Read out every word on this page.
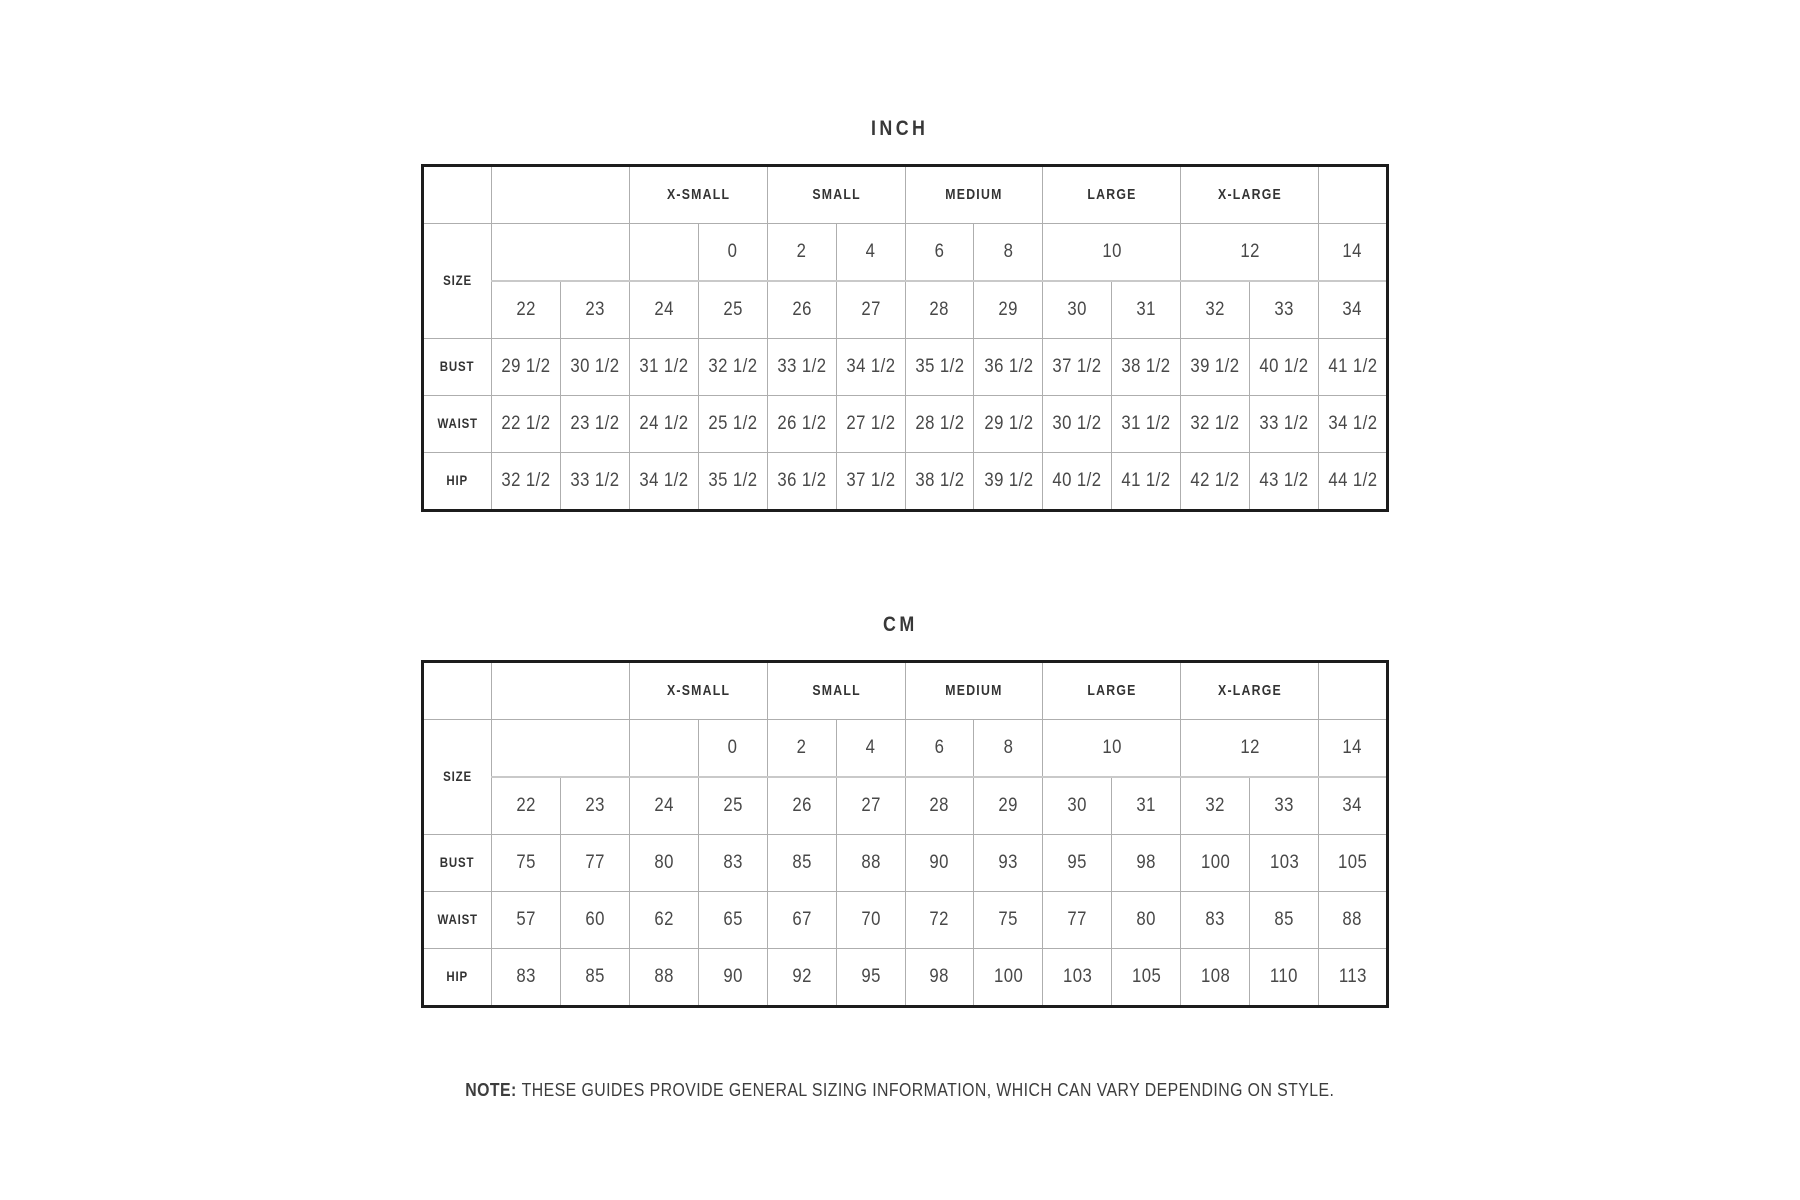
INCH
			X-SMALL		SMALL		MEDIUM		LARGE		X-LARGE		
SIZE				0	2	4	6	8	10		12		14
	22	23	24	25	26	27	28	29	30	31	32	33	34
BUST	29 1/2	30 1/2	31 1/2	32 1/2	33 1/2	34 1/2	35 1/2	36 1/2	37 1/2	38 1/2	39 1/2	40 1/2	41 1/2
WAIST	22 1/2	23 1/2	24 1/2	25 1/2	26 1/2	27 1/2	28 1/2	29 1/2	30 1/2	31 1/2	32 1/2	33 1/2	34 1/2
HIP	32 1/2	33 1/2	34 1/2	35 1/2	36 1/2	37 1/2	38 1/2	39 1/2	40 1/2	41 1/2	42 1/2	43 1/2	44 1/2
CM
			X-SMALL		SMALL		MEDIUM		LARGE		X-LARGE		
SIZE				0	2	4	6	8	10		12		14
	22	23	24	25	26	27	28	29	30	31	32	33	34
BUST	75	77	80	83	85	88	90	93	95	98	100	103	105
WAIST	57	60	62	65	67	70	72	75	77	80	83	85	88
HIP	83	85	88	90	92	95	98	100	103	105	108	110	113
NOTE: THESE GUIDES PROVIDE GENERAL SIZING INFORMATION, WHICH CAN VARY DEPENDING ON STYLE.
